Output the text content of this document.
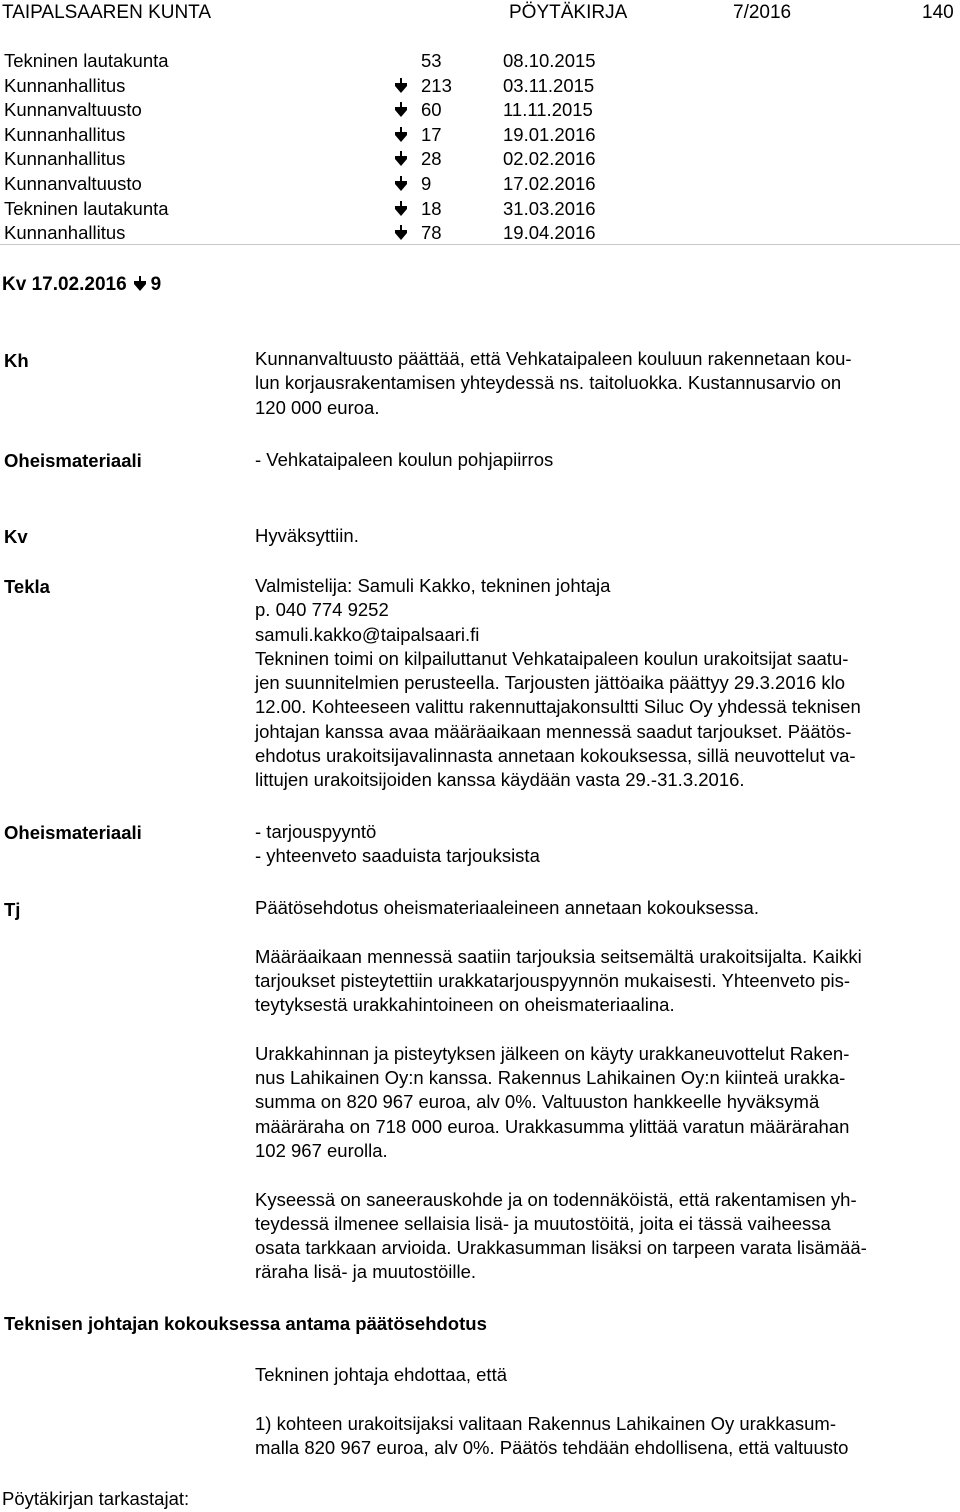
TAIPALSAAREN KUNTA	PÖYTÄKIRJA	7/2016	140
Tekninen lautakunta	53	08.10.2015
Kunnanhallitus	213	03.11.2015
Kunnanvaltuusto	60	11.11.2015
Kunnanhallitus	17	19.01.2016
Kunnanhallitus	28	02.02.2016
Kunnanvaltuusto	9	17.02.2016
Tekninen lautakunta	18	31.03.2016
Kunnanhallitus	78	19.04.2016
Kv 17.02.2016 9
Kh	Kunnanvaltuusto päättää, että Vehkataipaleen kouluun rakennetaan kou-

lun korjausrakentamisen yhteydessä ns. taitoluokka. Kustannusarvio on

120 000 euroa.

Oheismateriaali	- Vehkataipaleen koulun pohjapiirros

Kv	Hyväksyttiin.

Tekla	Valmistelija: Samuli Kakko, tekninen johtaja

p. 040 774 9252

samuli.kakko@taipalsaari.fi

Tekninen toimi on kilpailuttanut Vehkataipaleen koulun urakoitsijat saatu-

jen suunnitelmien perusteella. Tarjousten jättöaika päättyy 29.3.2016 klo

12.00. Kohteeseen valittu rakennuttajakonsultti Siluc Oy yhdessä teknisen

johtajan kanssa avaa määräaikaan mennessä saadut tarjoukset. Päätös-

ehdotus urakoitsijavalinnasta annetaan kokouksessa, sillä neuvottelut va-

littujen urakoitsijoiden kanssa käydään vasta 29.-31.3.2016.

Oheismateriaali	- tarjouspyyntö

- yhteenveto saaduista tarjouksista

Tj	Päätösehdotus oheismateriaaleineen annetaan kokouksessa.

Määräaikaan mennessä saatiin tarjouksia seitsemältä urakoitsijalta. Kaikki

tarjoukset pisteytettiin urakkatarjouspyynnön mukaisesti. Yhteenveto pis-

teytyksestä urakkahintoineen on oheismateriaalina.

Urakkahinnan ja pisteytyksen jälkeen on käyty urakkaneuvottelut Raken-

nus Lahikainen Oy:n kanssa. Rakennus Lahikainen Oy:n kiinteä urakka-

summa on 820 967 euroa, alv 0%. Valtuuston hankkeelle hyväksymä

määräraha on 718 000 euroa. Urakkasumma ylittää varatun määrärahan

102 967 eurolla.

Kyseessä on saneerauskohde ja on todennäköistä, että rakentamisen yh-

teydessä ilmenee sellaisia lisä- ja muutostöitä, joita ei tässä vaiheessa

osata tarkkaan arvioida. Urakkasumman lisäksi on tarpeen varata lisämää-

räraha lisä- ja muutostöille.

Teknisen johtajan kokouksessa antama päätösehdotus

Tekninen johtaja ehdottaa, että

1) kohteen urakoitsijaksi valitaan Rakennus Lahikainen Oy urakkasum-

malla 820 967 euroa, alv 0%. Päätös tehdään ehdollisena, että valtuusto

Pöytäkirjan tarkastajat:
